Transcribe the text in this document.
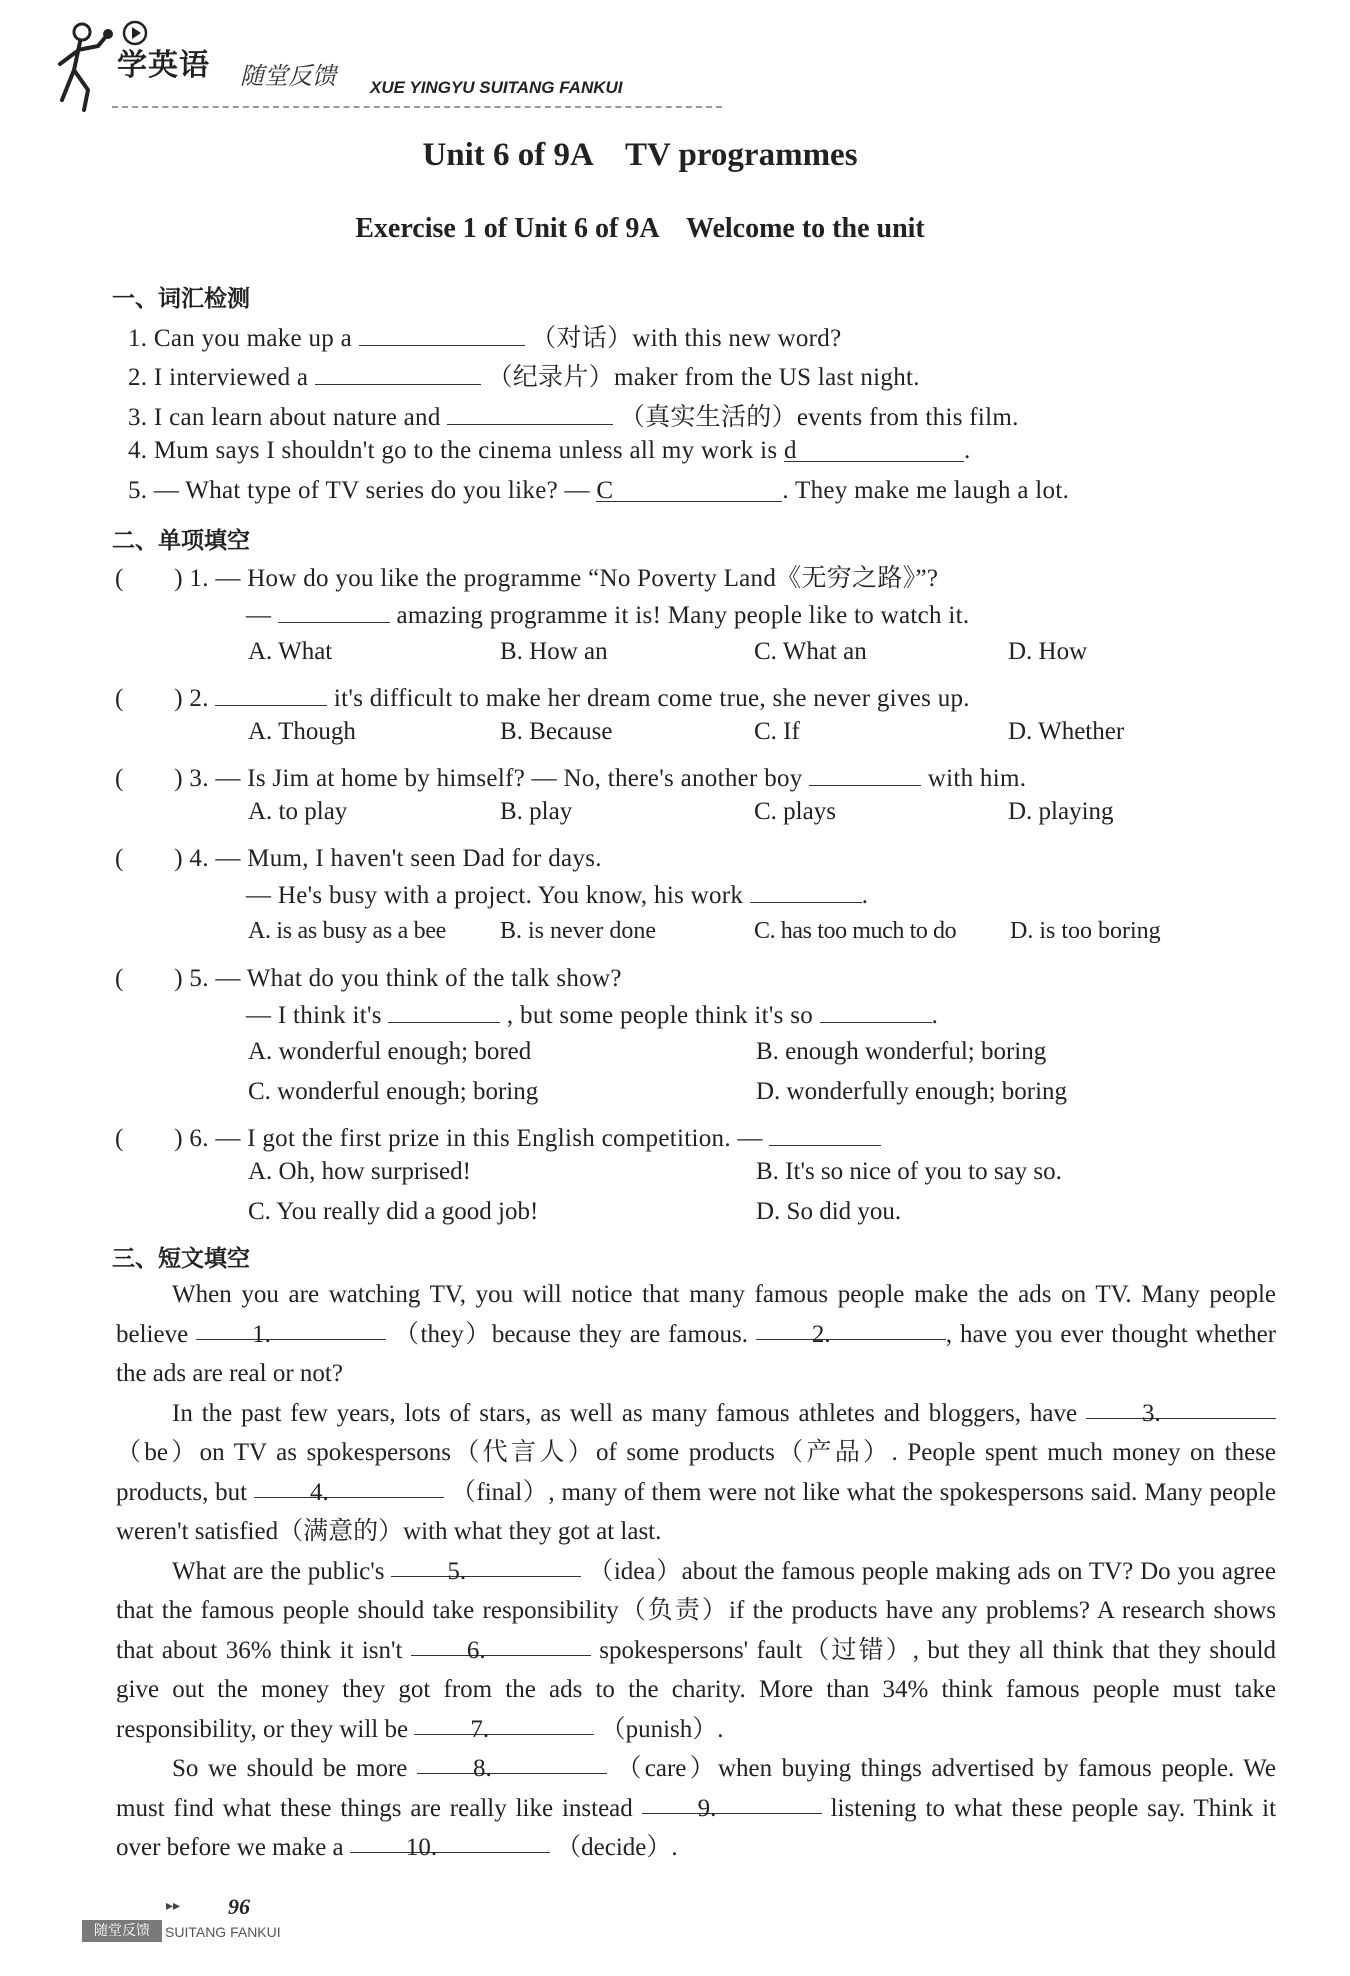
学英语 随堂反馈 XUE YINGYU SUITANG FANKUI
Unit 6 of 9A　TV programmes
Exercise 1 of Unit 6 of 9A　Welcome to the unit
一、词汇检测
1. Can you make up a	（对话）with this new word?
2. I interviewed a	（纪录片）maker from the US last night.
3. I can learn about nature and	（真实生活的）events from this film.
4. Mum says I shouldn't go to the cinema unless all my work is d	.
5. — What type of TV series do you like? — C	. They make me laugh a lot.
二、单项填空
(　　) 1. — How do you like the programme “No Poverty Land《无穷之路》”?
—	amazing programme it is! Many people like to watch it.
A. What	B. How an	C. What an	D. How
(　　) 2.	it's difficult to make her dream come true, she never gives up.
A. Though	B. Because	C. If	D. Whether
(　　) 3. — Is Jim at home by himself? — No, there's another boy	with him.
A. to play	B. play	C. plays	D. playing
(　　) 4. — Mum, I haven't seen Dad for days.
— He's busy with a project. You know, his work	.
A. is as busy as a bee B. is never done	C. has too much to do D. is too boring
(　　) 5. — What do you think of the talk show?
— I think it's	, but some people think it's so	.
A. wonderful enough; bored	B. enough wonderful; boring
C. wonderful enough; boring	D. wonderfully enough; boring
(　　) 6. — I got the first prize in this English competition. —
A. Oh, how surprised!	B. It's so nice of you to say so.
C. You really did a good job!	D. So did you.
三、短文填空
When you are watching TV, you will notice that many famous people make the ads on TV. Many people believe	1.	（they）because they are famous.	2.	, have you ever thought whether the ads are real or not?
In the past few years, lots of stars, as well as many famous athletes and bloggers, have	3. （be）on TV as spokespersons（代言人）of some products（产品）. People spent much money on these products, but	4.	（final）, many of them were not like what the spokespersons said. Many people weren't satisfied（满意的）with what they got at last.
What are the public's	5.	（idea）about the famous people making ads on TV? Do you agree that the famous people should take responsibility（负责）if the products have any problems? A research shows that about 36% think it isn't	6.	spokespersons' fault（过错）, but they all think that they should give out the money they got from the ads to the charity. More than 34% think famous people must take responsibility, or they will be 7.	（punish）.
So we should be more	8.	（care）when buying things advertised by famous people. We must find what these things are really like instead	9.	listening to what these people say. Think it over before we make a 10.	（decide）.
▸▸ 96
随堂反馈	SUITANG FANKUI
